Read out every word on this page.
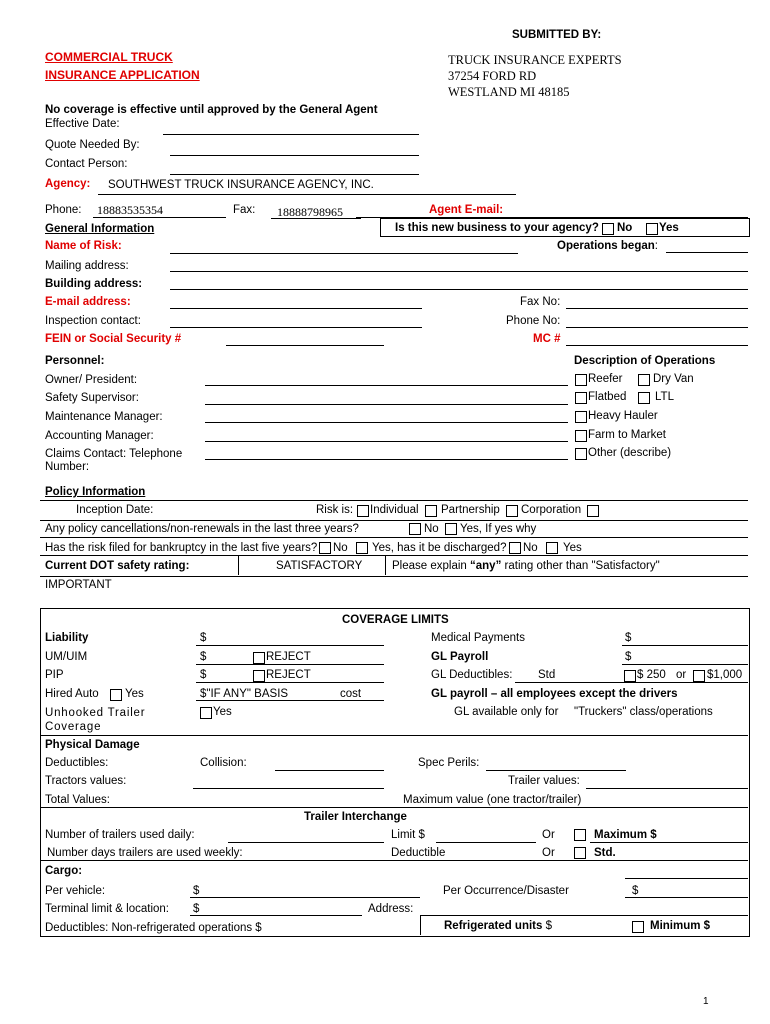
SUBMITTED BY:
COMMERCIAL TRUCK
INSURANCE APPLICATION
TRUCK INSURANCE EXPERTS
37254 FORD RD
WESTLAND MI 48185
No coverage is effective until approved by the General Agent
Effective Date:
Quote Needed By:
Contact Person:
Agency: SOUTHWEST TRUCK INSURANCE AGENCY, INC.
Phone: 18883535354	Fax: 18888798965	Agent E-mail:
General Information	Is this new business to your agency? No Yes
Name of Risk:	Operations began:
Mailing address:
Building address:
E-mail address:	Fax No:
Inspection contact:	Phone No:
FEIN or Social Security #	MC #
Personnel:
Owner/ President:
Safety Supervisor:
Maintenance Manager:
Accounting Manager:
Claims Contact: Telephone
Number:
Description of Operations
Reefer	Dry Van
Flatbed LTL
Heavy Hauler
Farm to Market
Other (describe)
Policy Information
Inception Date:	Risk is: Individual Partnership Corporation
Any policy cancellations/non-renewals in the last three years?	No Yes, If yes why
Has the risk filed for bankruptcy in the last five years? No Yes, has it be discharged? No Yes
Current DOT safety rating:	SATISFACTORY	Please explain “any” rating other than "Satisfactory"
IMPORTANT
COVERAGE LIMITS
Liability	$	Medical Payments	$
UM/UIM	$	REJECT	GL Payroll	$
PIP	$	REJECT	GL Deductibles: Std	$ 250 or $1,000
Hired Auto Yes	$"IF ANY" BASIS	cost	GL payroll – all employees except the drivers
Unhooked Trailer
Coverage
Yes	GL available only for "Truckers" class/operations
Physical Damage
Deductibles:	Collision:	Spec Perils:
Tractors values:	Trailer values:
Total Values:	Maximum value (one tractor/trailer)
Trailer Interchange
Number of trailers used daily:	Limit $	Or	Maximum $
Number days trailers are used weekly:	Deductible	Or	Std.
Cargo:
Per vehicle:	$	Per Occurrence/Disaster	$
Terminal limit & location: $	Address:
Deductibles: Non-refrigerated operations $	Refrigerated units $	Minimum $
1
